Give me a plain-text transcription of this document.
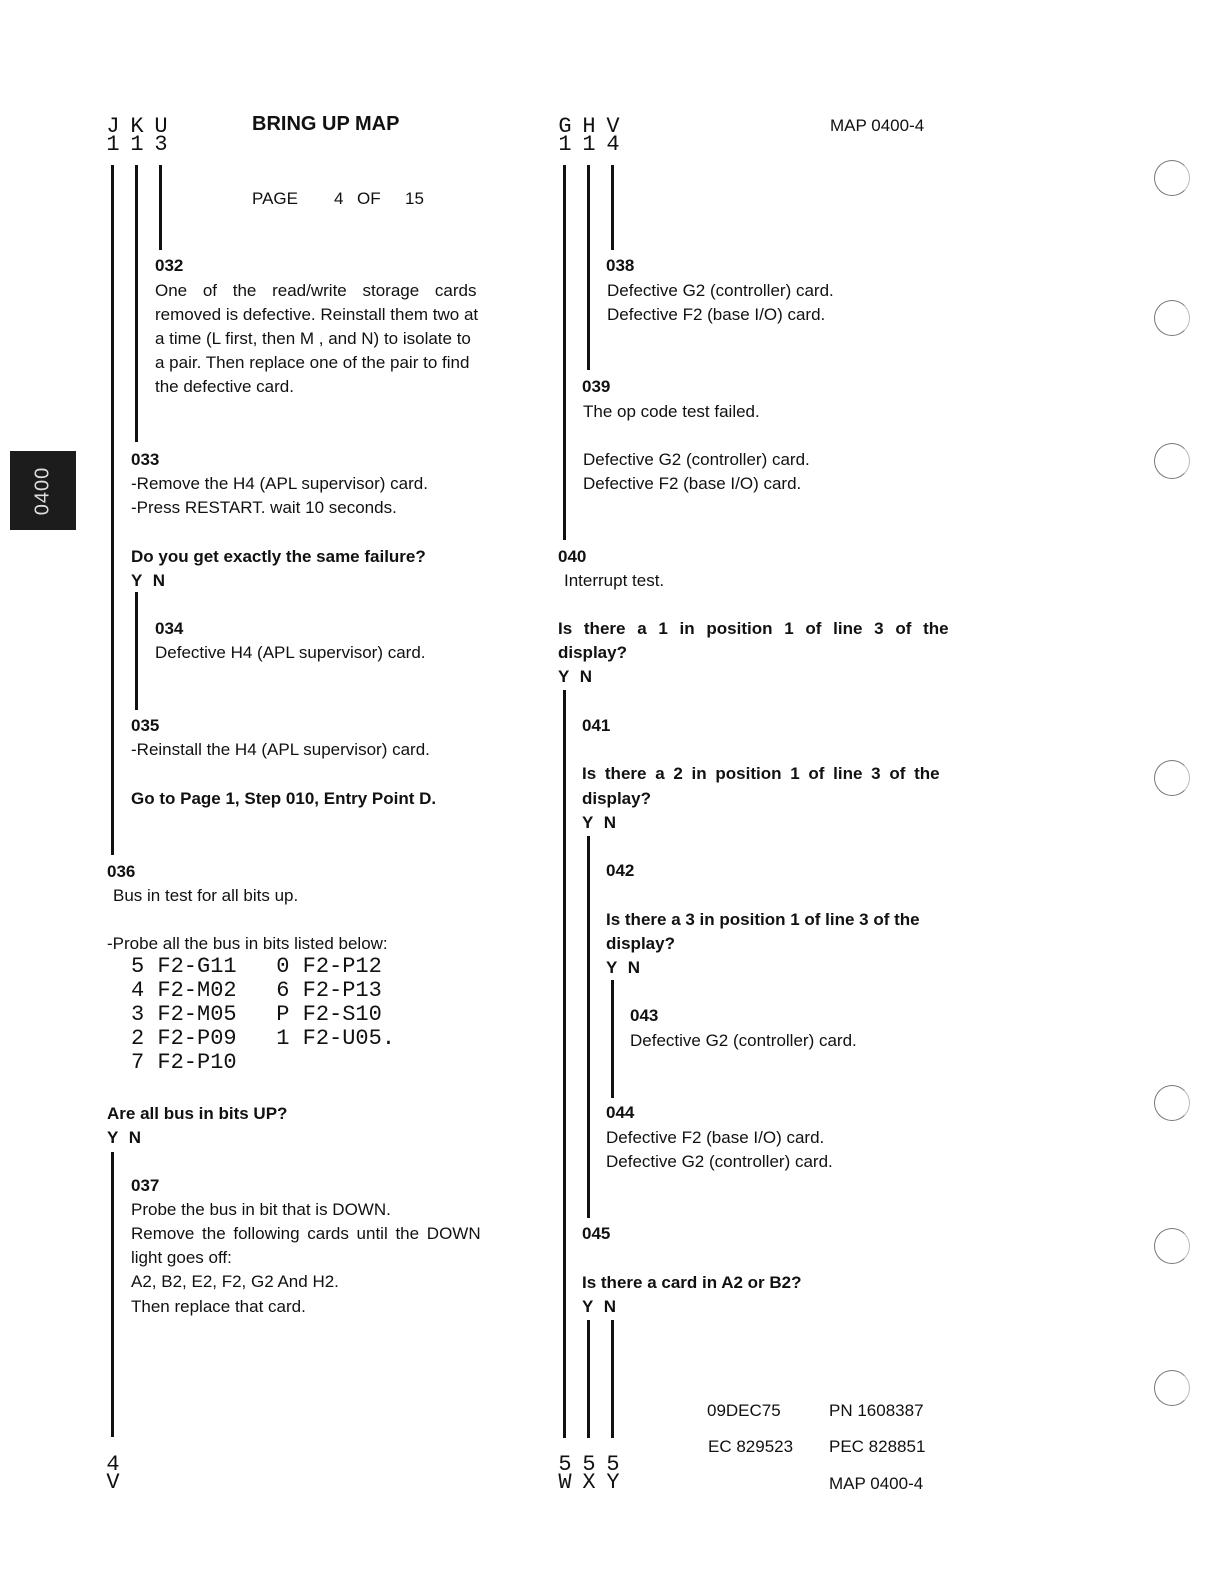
0400
J
1
K
1
U
3
BRING UP MAP
PAGE 4 OF 15
032
One of the read/write storage cards
removed is defective. Reinstall them two at
a time (L first, then M , and N) to isolate to
a pair. Then replace one of the pair to find
the defective card.
033
-Remove the H4 (APL supervisor) card.
-Press RESTART. wait 10 seconds.
Do you get exactly the same failure?
Y N
034
Defective H4 (APL supervisor) card.
035
-Reinstall the H4 (APL supervisor) card.
Go to Page 1, Step 010, Entry Point D.
036
Bus in test for all bits up.
-Probe all the bus in bits listed below:
5 F2-G11   0 F2-P12
4 F2-M02   6 F2-P13
3 F2-M05   P F2-S10
2 F2-P09   1 F2-U05.
7 F2-P10
Are all bus in bits UP?
Y N
037
Probe the bus in bit that is DOWN.
Remove the following cards until the DOWN
light goes off:
A2, B2, E2, F2, G2 And H2.
Then replace that card.
4
V
G
1
H
1
V
4
MAP 0400-4
038
Defective G2 (controller) card.
Defective F2 (base I/O) card.
039
The op code test failed.
Defective G2 (controller) card.
Defective F2 (base I/O) card.
040
Interrupt test.
Is there a 1 in position 1 of line 3 of the
display?
Y N
041
Is there a 2 in position 1 of line 3 of the
display?
Y N
042
Is there a 3 in position 1 of line 3 of the
display?
Y N
043
Defective G2 (controller) card.
044
Defective F2 (base I/O) card.
Defective G2 (controller) card.
045
Is there a card in A2 or B2?
Y N
5
W
5
X
5
Y
09DEC75	PN 1608387
EC 829523 PEC 828851
MAP 0400-4
